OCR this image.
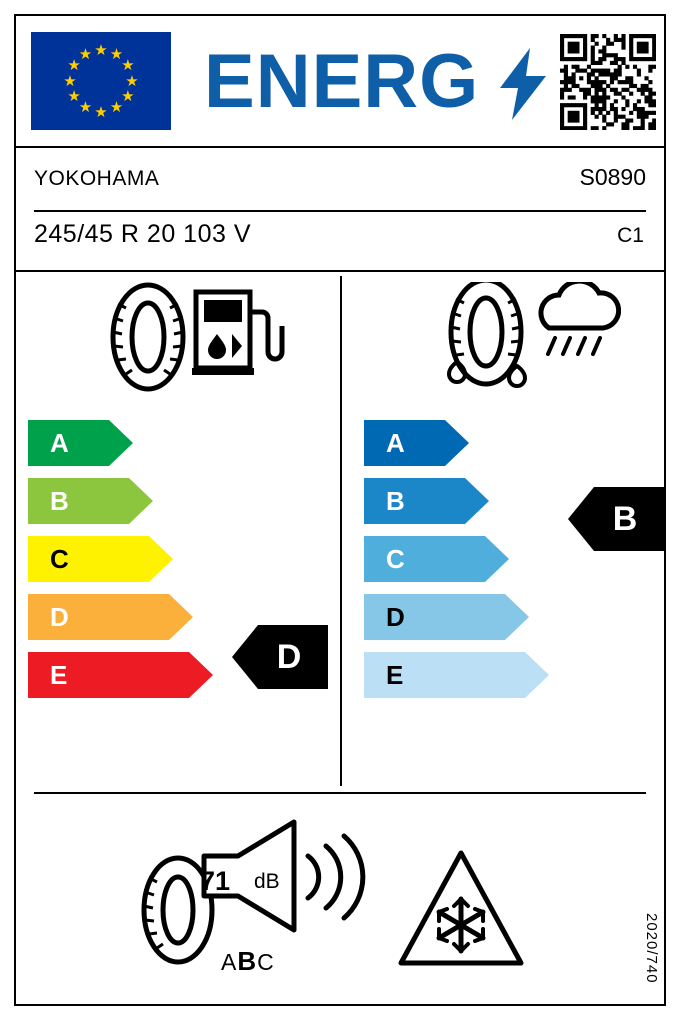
★ ★
★
★
★
★
★
★
★
★
★
★ ENERG
YOKOHAMA	S0890
245/45 R 20 103 V	C1
A
B
C
D
E
A
B
C
D
E
D
B
71 dB
ABC	2020/740
